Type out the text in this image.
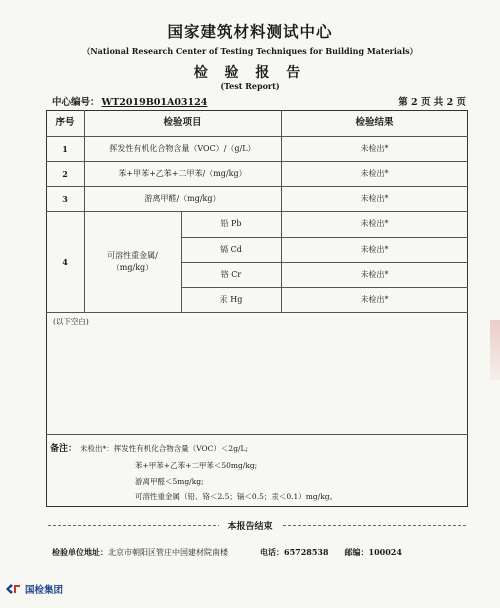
国家建筑材料测试中心
（National Research Center of Testing Techniques for Building Materials）
检 验 报 告
(Test Report)
中心编号： WT2019B01A03124	第 2 页 共 2 页
序号	检验项目	检验结果
1	挥发性有机化合物含量（VOC）/（g/L）	未检出*
2	苯+甲苯+乙苯+二甲苯/（mg/kg）	未检出*
3	游离甲醛/（mg/kg）	未检出*
4
可溶性重金属/
（mg/kg）
铅 Pb	未检出*
镉 Cd	未检出*
铬 Cr	未检出*
汞 Hg	未检出*
(以下空白)
备注： 未检出*：挥发性有机化合物含量（VOC）＜2g/L;
苯+甲苯+乙苯+二甲苯＜50mg/kg;
游离甲醛＜5mg/kg;
可溶性重金属（铅、铬＜2.5；镉＜0.5；汞＜0.1）mg/kg。
本报告结束
检验单位地址：北京市朝阳区管庄中国建材院南楼	电话：65728538 邮编：100024
国检集团
